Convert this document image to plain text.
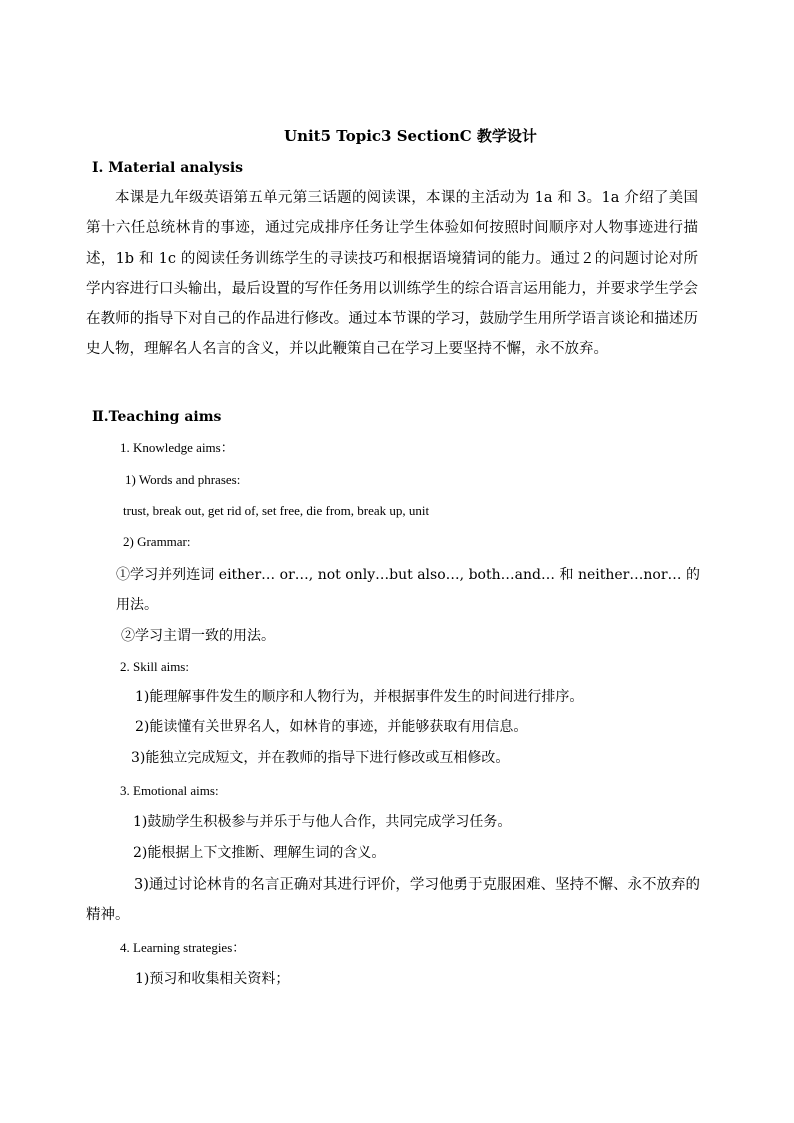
Unit5 Topic3 SectionC 教学设计
Ⅰ. Material analysis

本课是九年级英语第五单元第三话题的阅读课，本课的主活动为 1a 和 3。1a 介绍了美国第十六任总统林肯的事迹，通过完成排序任务让学生体验如何按照时间顺序对人物事迹进行描述，1b 和 1c 的阅读任务训练学生的寻读技巧和根据语境猜词的能力。通过２的问题讨论对所学内容进行口头输出，最后设置的写作任务用以训练学生的综合语言运用能力，并要求学生学会在教师的指导下对自己的作品进行修改。通过本节课的学习，鼓励学生用所学语言谈论和描述历史人物，理解名人名言的含义，并以此鞭策自己在学习上要坚持不懈，永不放弃。

Ⅱ.Teaching aims
1. Knowledge aims：
1) Words and phrases:
trust, break out, get rid of, set free, die from, break up, unit
2) Grammar:

①学习并列连词 either… or…, not only…but also…, both…and… 和 neither…nor… 的用法。

②学习主谓一致的用法。
2. Skill aims:
1)能理解事件发生的顺序和人物行为，并根据事件发生的时间进行排序。
2)能读懂有关世界名人，如林肯的事迹，并能够获取有用信息。
3)能独立完成短文，并在教师的指导下进行修改或互相修改。
3. Emotional aims:
1)鼓励学生积极参与并乐于与他人合作，共同完成学习任务。
2)能根据上下文推断、理解生词的含义。

3)通过讨论林肯的名言正确对其进行评价，学习他勇于克服困难、坚持不懈、永不放弃的精神。

4. Learning strategies：
1)预习和收集相关资料；
